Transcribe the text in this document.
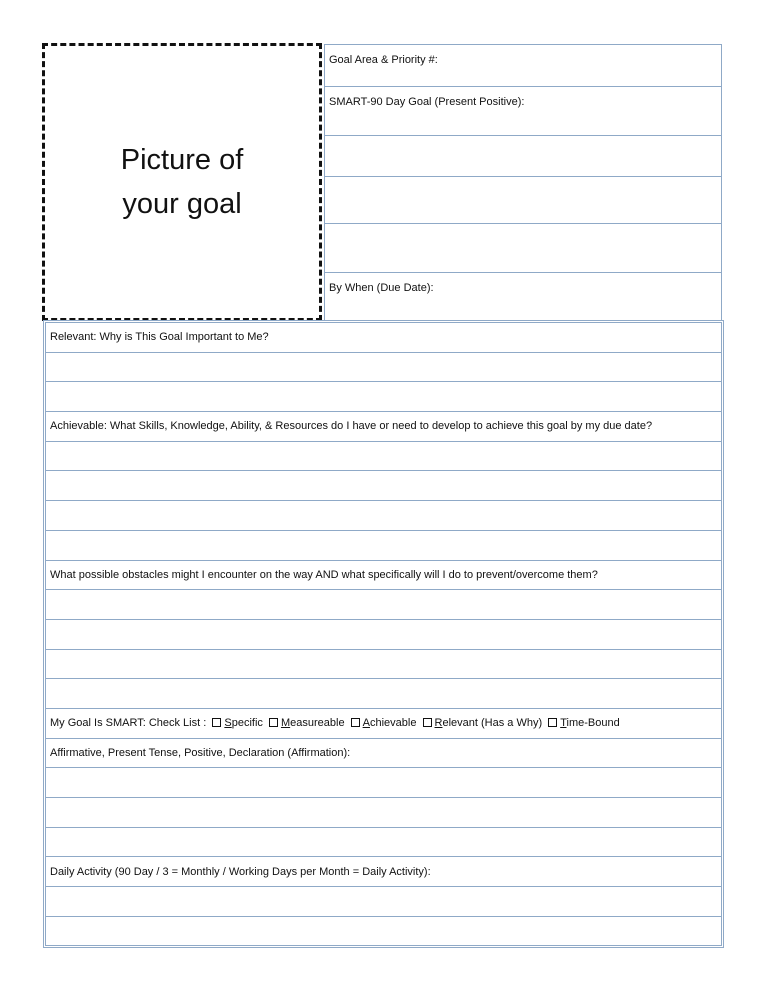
Picture of
your goal
Goal Area & Priority #:
SMART-90 Day Goal (Present Positive):

By When (Due Date):
Relevant: Why is This Goal Important to Me?

Achievable: What Skills, Knowledge, Ability, & Resources do I have or need to develop to achieve this goal by my due date?

What possible obstacles might I encounter on the way AND what specifically will I do to prevent/overcome them?

My Goal Is SMART: Check List : Specific Measureable Achievable Relevant (Has a Why) Time-Bound
Affirmative, Present Tense, Positive, Declaration (Affirmation):

Daily Activity (90 Day / 3 = Monthly / Working Days per Month = Daily Activity):
